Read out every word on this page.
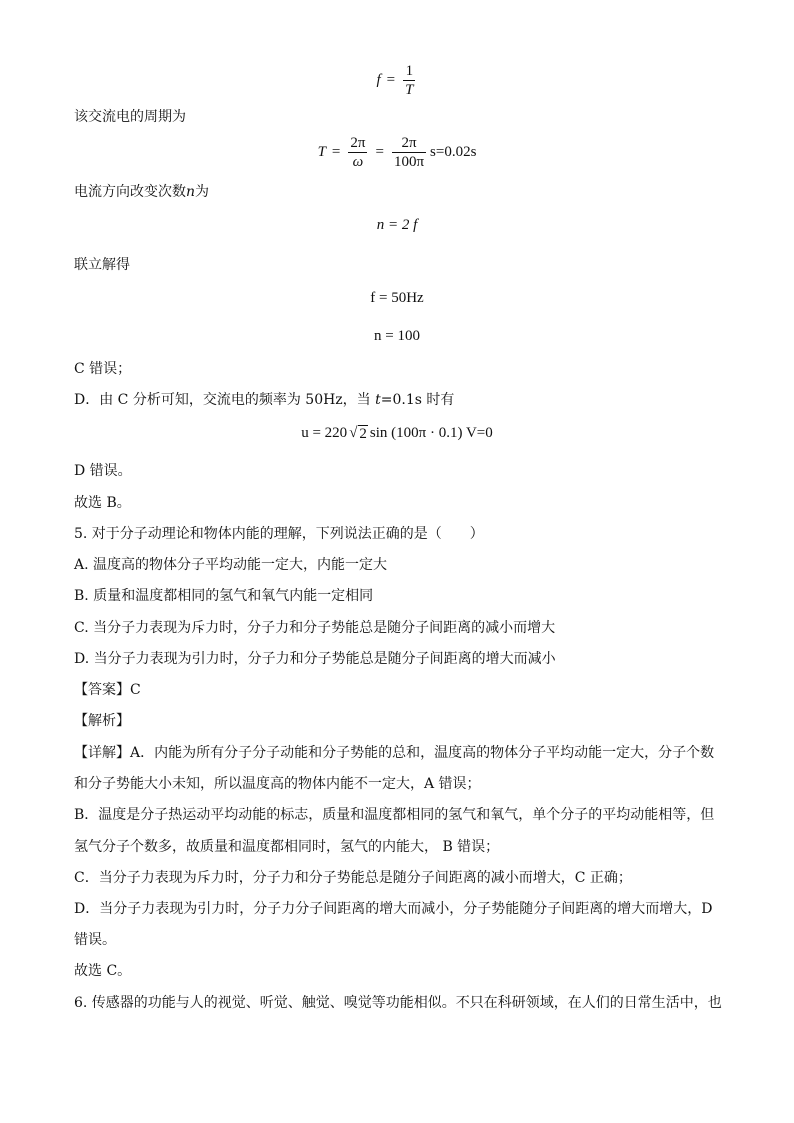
$f = \frac{1}{T}$
该交流电的周期为
$T = \frac{2\pi}{\omega} = \frac{2\pi}{100\pi} s=0.02s$
电流方向改变次数n为
n = 2 f
联立解得
f = 50Hz
n = 100
C 错误；
D．由 C 分析可知，交流电的频率为 50Hz，当 t=0.1s 时有
u = 220 √ 2 sin (100π · 0.1) V=0
D 错误。
故选 B。
5. 对于分子动理论和物体内能的理解，下列说法正确的是（　　）
A. 温度高的物体分子平均动能一定大，内能一定大
B. 质量和温度都相同的氢气和氧气内能一定相同
C. 当分子力表现为斥力时，分子力和分子势能总是随分子间距离的减小而增大
D. 当分子力表现为引力时，分子力和分子势能总是随分子间距离的增大而减小
【答案】C
【解析】
【详解】A．内能为所有分子分子动能和分子势能的总和，温度高的物体分子平均动能一定大，分子个数
和分子势能大小未知，所以温度高的物体内能不一定大，A 错误；
B．温度是分子热运动平均动能的标志，质量和温度都相同的氢气和氧气，单个分子的平均动能相等，但
氢气分子个数多，故质量和温度都相同时，氢气的内能大， B 错误；
C．当分子力表现为斥力时，分子力和分子势能总是随分子间距离的减小而增大，C 正确；
D．当分子力表现为引力时，分子力分子间距离的增大而减小，分子势能随分子间距离的增大而增大，D
错误。
故选 C。
6. 传感器的功能与人的视觉、听觉、触觉、嗅觉等功能相似。不只在科研领域，在人们的日常生活中，也
